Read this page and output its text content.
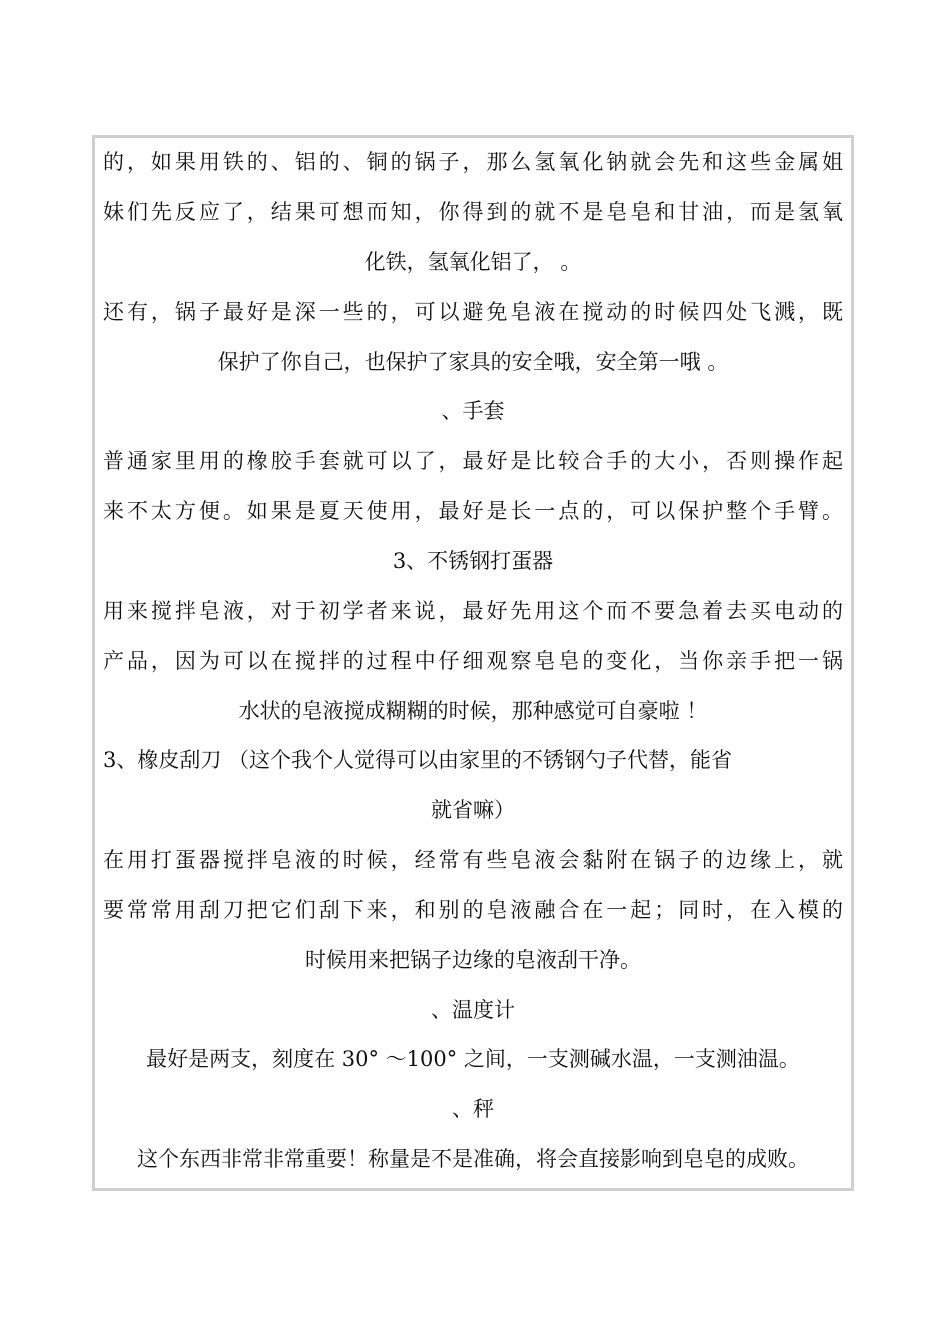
的，如果用铁的、铝的、铜的锅子，那么氢氧化钠就会先和这些金属姐
妹们先反应了，结果可想而知，你得到的就不是皂皂和甘油，而是氢氧
化铁，氢氧化铝了， 。
还有，锅子最好是深一些的，可以避免皂液在搅动的时候四处飞溅，既
保护了你自己，也保护了家具的安全哦，安全第一哦 。
、手套
普通家里用的橡胶手套就可以了，最好是比较合手的大小，否则操作起
来不太方便。如果是夏天使用，最好是长一点的，可以保护整个手臂。
3、不锈钢打蛋器
用来搅拌皂液，对于初学者来说，最好先用这个而不要急着去买电动的
产品，因为可以在搅拌的过程中仔细观察皂皂的变化，当你亲手把一锅
水状的皂液搅成糊糊的时候，那种感觉可自豪啦 ！
3、橡皮刮刀 （这个我个人觉得可以由家里的不锈钢勺子代替，能省
就省嘛）
在用打蛋器搅拌皂液的时候，经常有些皂液会黏附在锅子的边缘上，就
要常常用刮刀把它们刮下来，和别的皂液融合在一起；同时，在入模的
时候用来把锅子边缘的皂液刮干净。
、温度计
最好是两支，刻度在 30° ～100° 之间，一支测碱水温，一支测油温。
、秤
这个东西非常非常重要！称量是不是准确，将会直接影响到皂皂的成败。
